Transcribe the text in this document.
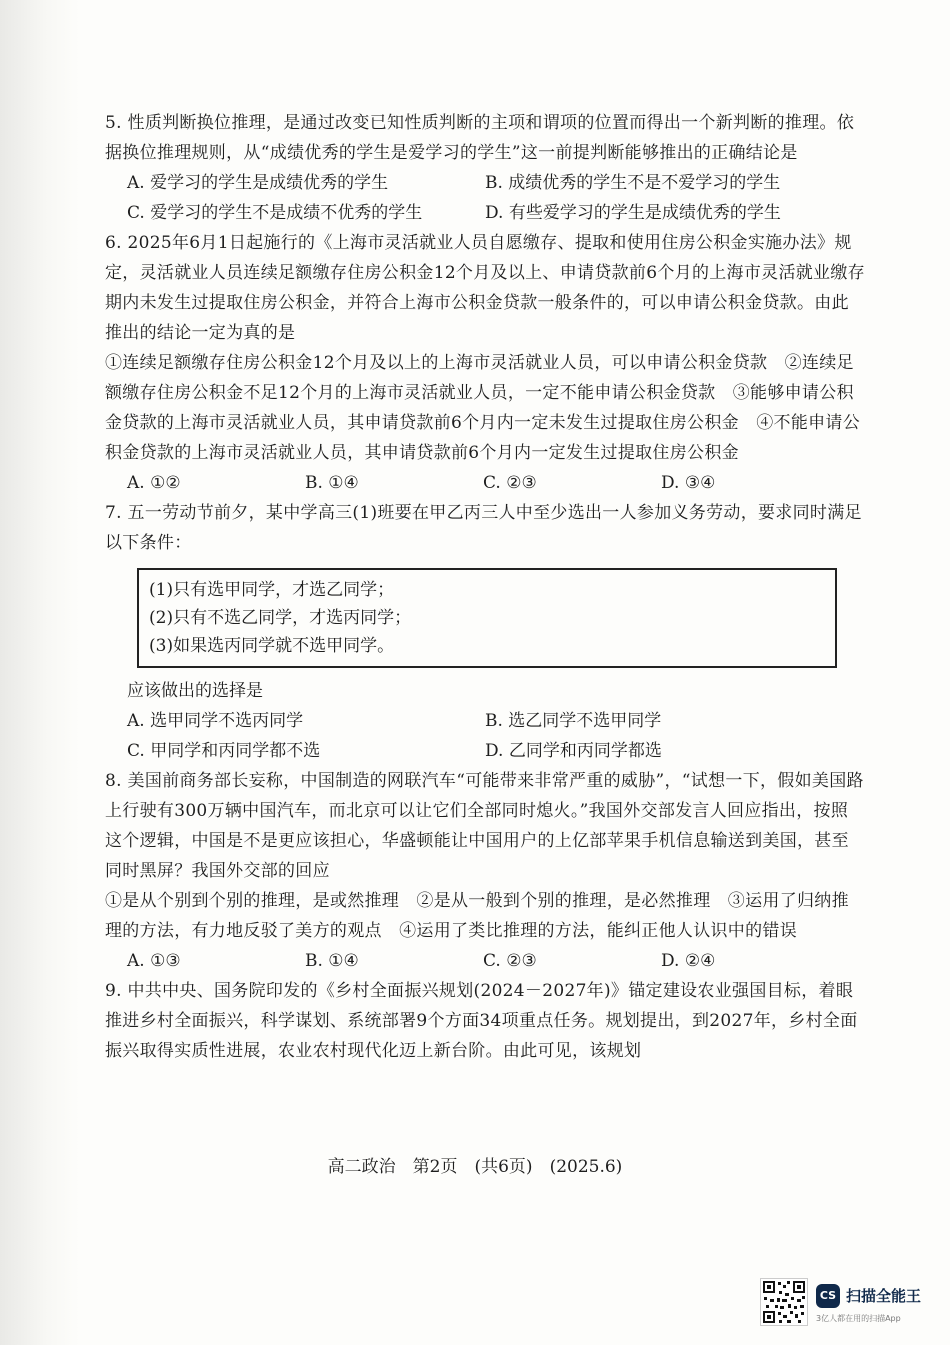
5. 性质判断换位推理，是通过改变已知性质判断的主项和谓项的位置而得出一个新判断的推理。依据换位推理规则，从“成绩优秀的学生是爱学习的学生”这一前提判断能够推出的正确结论是

A. 爱学习的学生是成绩优秀的学生	B. 成绩优秀的学生不是不爱学习的学生
C. 爱学习的学生不是成绩不优秀的学生	D. 有些爱学习的学生是成绩优秀的学生

6. 2025年6月1日起施行的《上海市灵活就业人员自愿缴存、提取和使用住房公积金实施办法》规定，灵活就业人员连续足额缴存住房公积金12个月及以上、申请贷款前6个月的上海市灵活就业缴存期内未发生过提取住房公积金，并符合上海市公积金贷款一般条件的，可以申请公积金贷款。由此推出的结论一定为真的是

①连续足额缴存住房公积金12个月及以上的上海市灵活就业人员，可以申请公积金贷款　②连续足额缴存住房公积金不足12个月的上海市灵活就业人员，一定不能申请公积金贷款　③能够申请公积金贷款的上海市灵活就业人员，其申请贷款前6个月内一定未发生过提取住房公积金　④不能申请公积金贷款的上海市灵活就业人员，其申请贷款前6个月内一定发生过提取住房公积金

A. ①②	B. ①④	C. ②③	D. ③④

7. 五一劳动节前夕，某中学高三(1)班要在甲乙丙三人中至少选出一人参加义务劳动，要求同时满足以下条件：

(1)只有选甲同学，才选乙同学；
(2)只有不选乙同学，才选丙同学；
(3)如果选丙同学就不选甲同学。
应该做出的选择是
A. 选甲同学不选丙同学	B. 选乙同学不选甲同学
C. 甲同学和丙同学都不选	D. 乙同学和丙同学都选

8. 美国前商务部长妄称，中国制造的网联汽车“可能带来非常严重的威胁”，“试想一下，假如美国路上行驶有300万辆中国汽车，而北京可以让它们全部同时熄火。”我国外交部发言人回应指出，按照这个逻辑，中国是不是更应该担心，华盛顿能让中国用户的上亿部苹果手机信息输送到美国，甚至同时黑屏？我国外交部的回应

①是从个别到个别的推理，是或然推理　②是从一般到个别的推理，是必然推理　③运用了归纳推理的方法，有力地反驳了美方的观点　④运用了类比推理的方法，能纠正他人认识中的错误

A. ①③	B. ①④	C. ②③	D. ②④

9. 中共中央、国务院印发的《乡村全面振兴规划(2024－2027年)》锚定建设农业强国目标，着眼推进乡村全面振兴，科学谋划、系统部署9个方面34项重点任务。规划提出，到2027年，乡村全面振兴取得实质性进展，农业农村现代化迈上新台阶。由此可见，该规划

高二政治　第2页　(共6页)　(2025.6)
CS 扫描全能王
3亿人都在用的扫描App
